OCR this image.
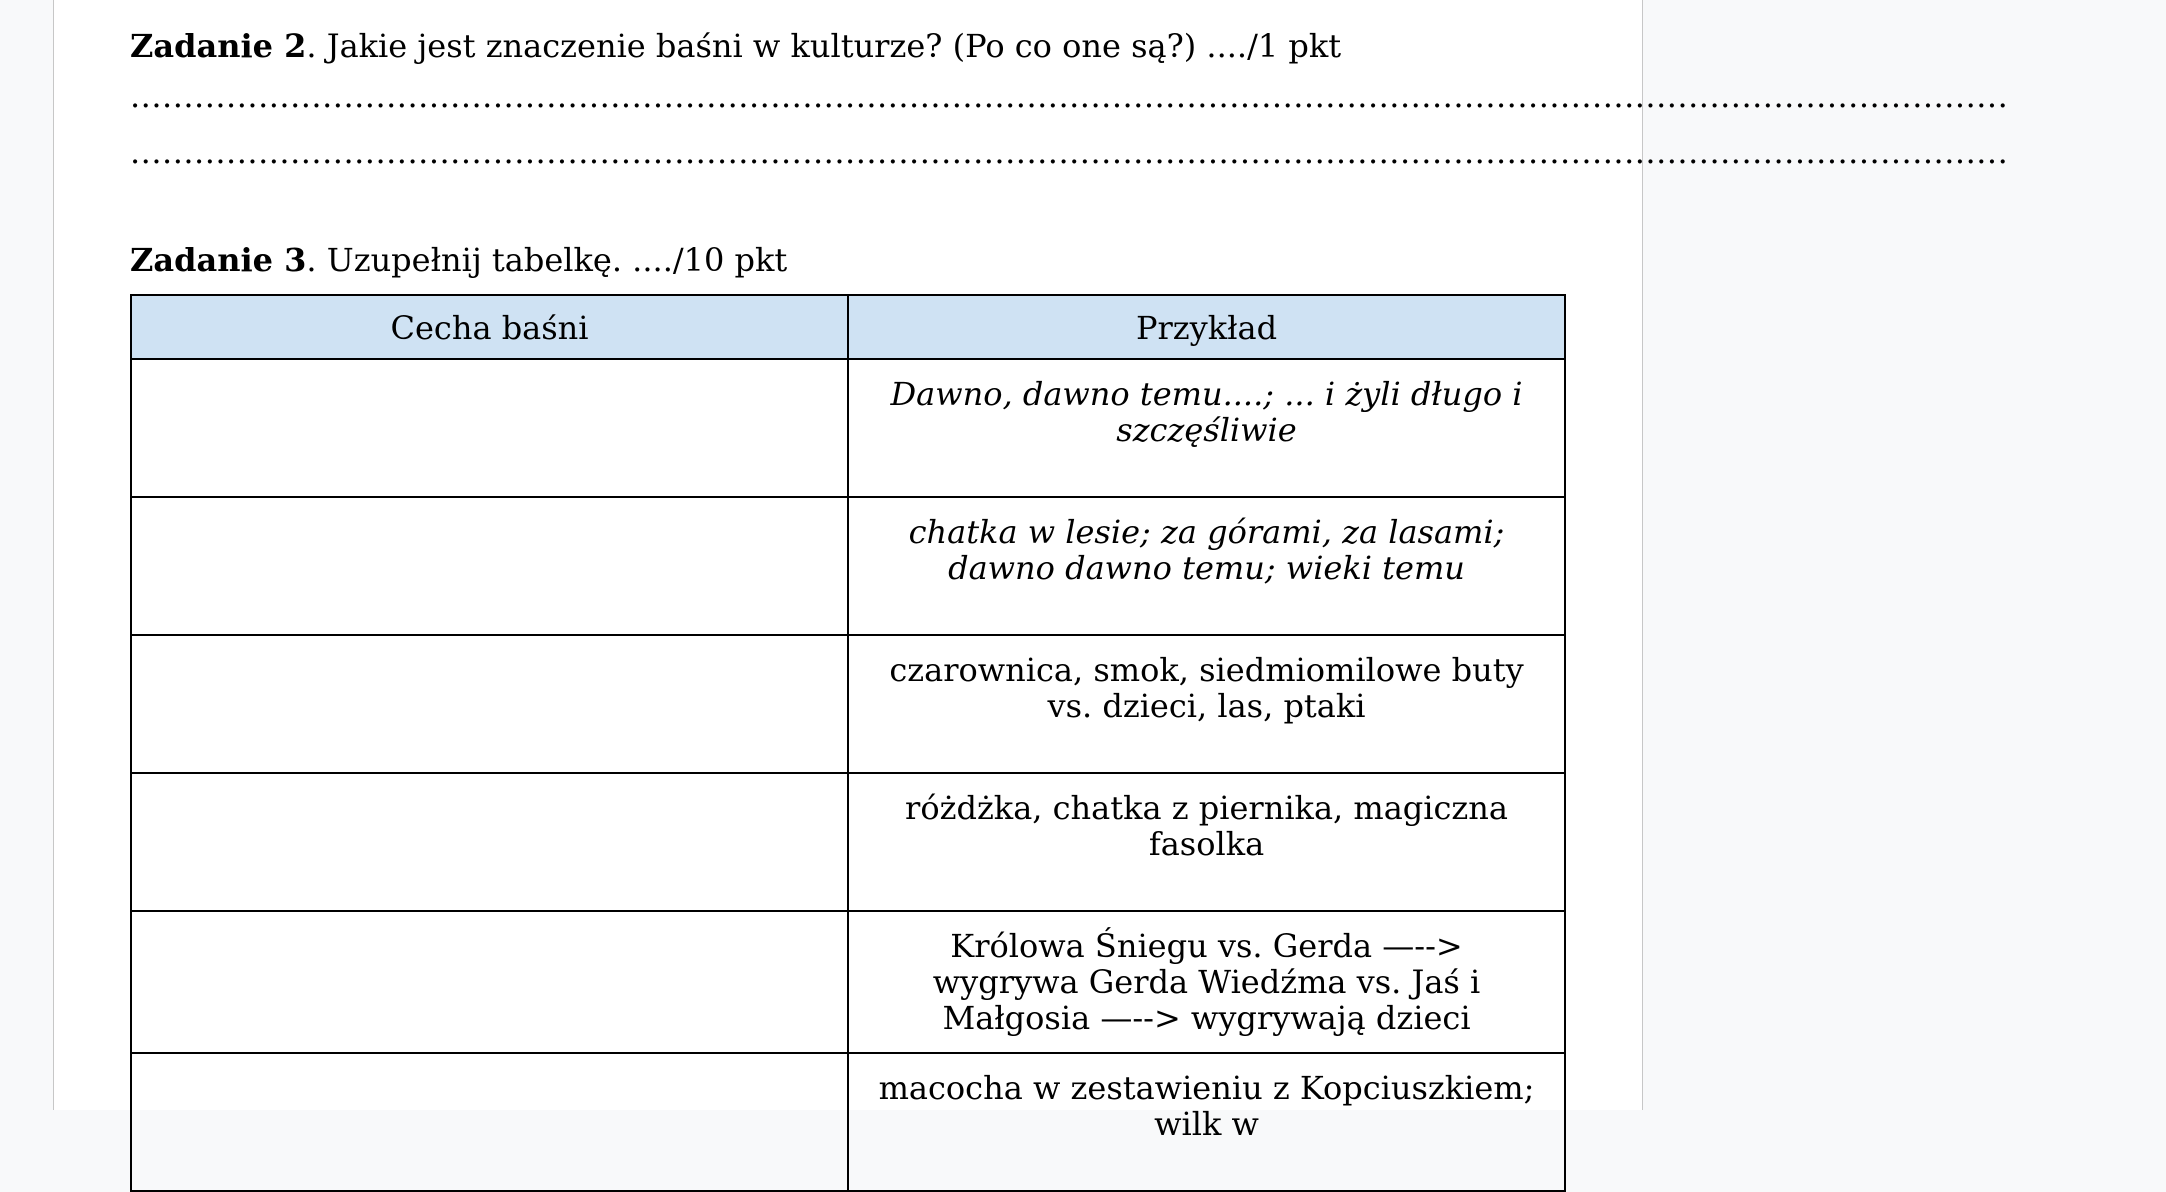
Zadanie 2. Jakie jest znaczenie baśni w kulturze? (Po co one są?) ..../1 pkt
................................................................................................................................................................................
................................................................................................................................................................................
Zadanie 3. Uzupełnij tabelkę. ..../10 pkt
Cecha baśni	Przykład
	Dawno, dawno temu....; ... i żyli długo i szczęśliwie
	chatka w lesie; za górami, za lasami; dawno dawno temu; wieki temu
	czarownica, smok, siedmiomilowe buty vs. dzieci, las, ptaki
	różdżka, chatka z piernika, magiczna fasolka
	Królowa Śniegu vs. Gerda —--> wygrywa Gerda Wiedźma vs. Jaś i Małgosia —--> wygrywają dzieci
	macocha w zestawieniu z Kopciuszkiem; wilk w
